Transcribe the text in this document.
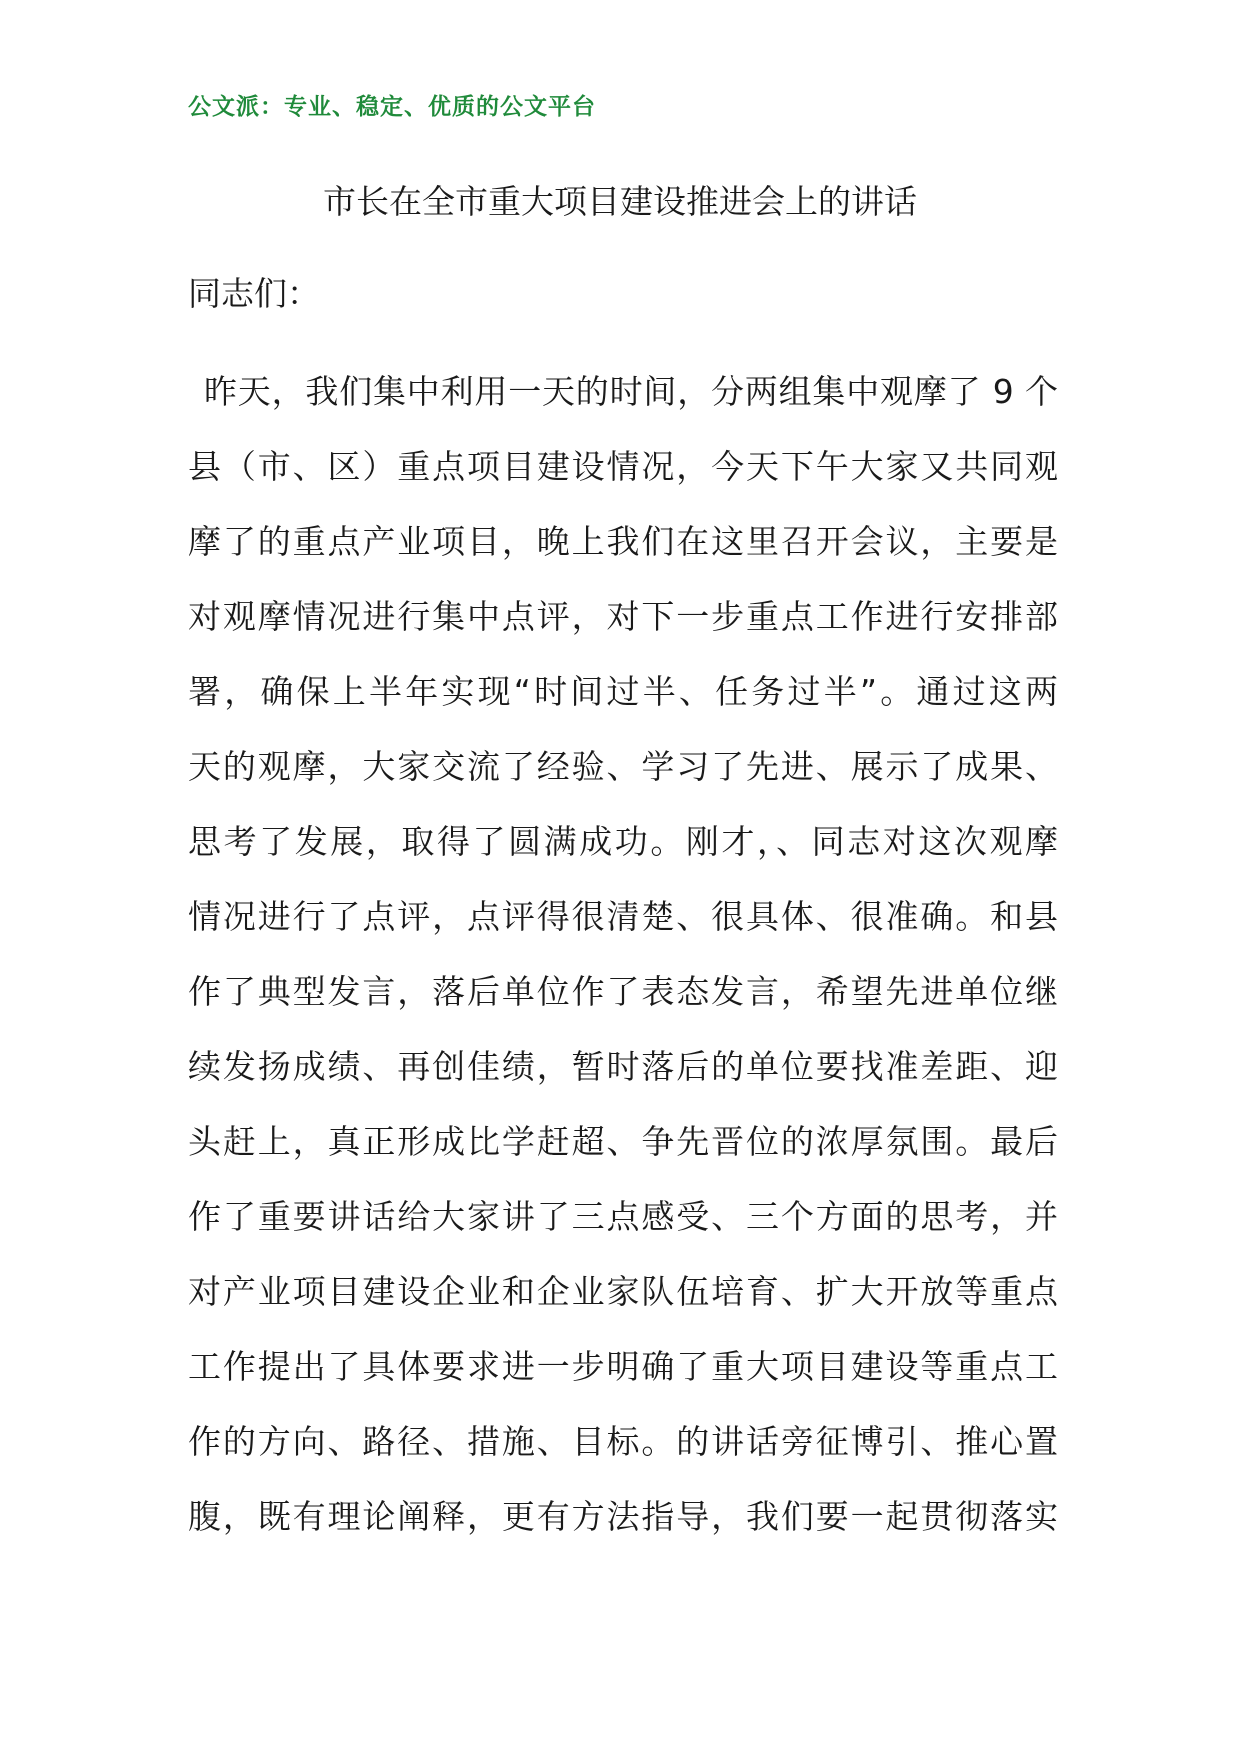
公文派：专业、稳定、优质的公文平台
市长在全市重大项目建设推进会上的讲话
同志们：
昨天，我们集中利用一天的时间，分两组集中观摩了 9 个
县（市、区）重点项目建设情况，今天下午大家又共同观
摩了的重点产业项目，晚上我们在这里召开会议，主要是
对观摩情况进行集中点评，对下一步重点工作进行安排部
署，确保上半年实现“时间过半、任务过半”。通过这两
天的观摩，大家交流了经验、学习了先进、展示了成果、
思考了发展，取得了圆满成功。刚才，、同志对这次观摩
情况进行了点评，点评得很清楚、很具体、很准确。和县
作了典型发言，落后单位作了表态发言，希望先进单位继
续发扬成绩、再创佳绩，暂时落后的单位要找准差距、迎
头赶上，真正形成比学赶超、争先晋位的浓厚氛围。最后
作了重要讲话给大家讲了三点感受、三个方面的思考，并
对产业项目建设企业和企业家队伍培育、扩大开放等重点
工作提出了具体要求进一步明确了重大项目建设等重点工
作的方向、路径、措施、目标。的讲话旁征博引、推心置
腹，既有理论阐释，更有方法指导，我们要一起贯彻落实
